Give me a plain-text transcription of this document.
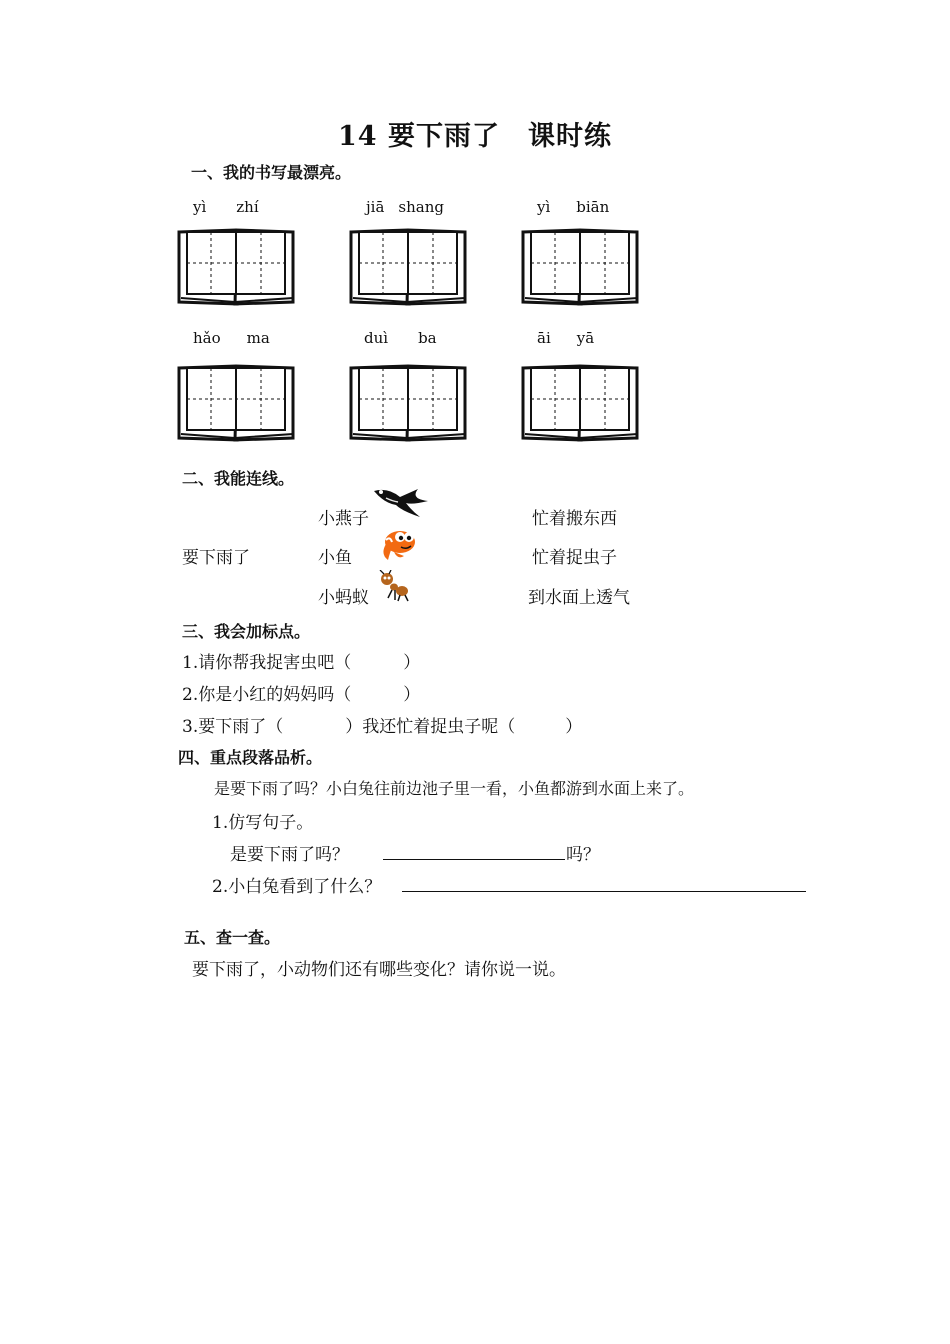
14 要下雨了　课时练
一、我的书写最漂亮。
yì zhí	jiā shang	yì biān
hǎo ma	duì ba	āi yā
二、我能连线。
小燕子
要下雨了	小鱼
小蚂蚁
忙着搬东西
忙着捉虫子
到水面上透气
三、我会加标点。
1.请你帮我捉害虫吧（	）
2.你是小红的妈妈吗（	）
3.要下雨了（	）我还忙着捉虫子呢（	）
四、重点段落品析。
是要下雨了吗？小白兔往前边池子里一看，小鱼都游到水面上来了。
1.仿写句子。
是要下雨了吗？	吗？
2.小白兔看到了什么？
五、查一查。
要下雨了，小动物们还有哪些变化？请你说一说。
